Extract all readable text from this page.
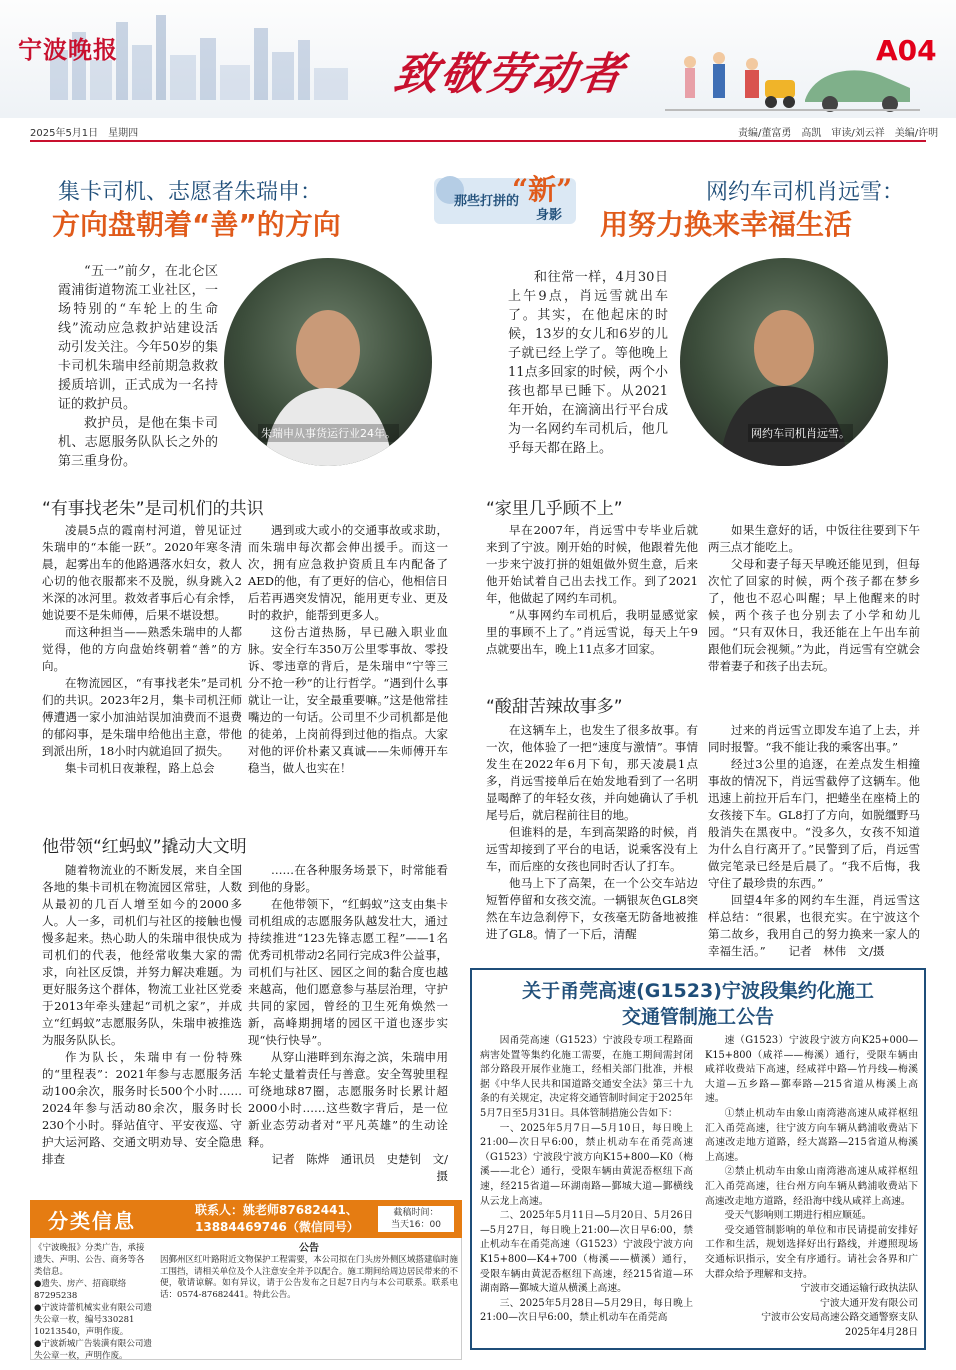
宁波晚报	致敬劳动者	A04
2025年5月1日　星期四	责编/董富勇　高凯　审读/刘云祥　美编/许明
集卡司机、志愿者朱瑞申：
方向盘朝着“善”的方向
网约车司机肖远雪：
用努力换来幸福生活
那些打拼的
“新”
身影

“五一”前夕，在北仑区霞浦街道物流工业社区，一场特别的“车轮上的生命线”流动应急救护站建设活动引发关注。今年50岁的集卡司机朱瑞申经前期急救救援质培训，正式成为一名持证的救护员。

救护员，是他在集卡司机、志愿服务队队长之外的第三重身份。

朱瑞申从事货运行业24年。	网约车司机肖远雪。

和往常一样，4月30日上午9点，肖远雪就出车了。其实，在他起床的时候，13岁的女儿和6岁的儿子就已经上学了。等他晚上11点多回家的时候，两个小孩也都早已睡下。从2021年开始，在滴滴出行平台成为一名网约车司机后，他几乎每天都在路上。

“有事找老朱”是司机们的共识

凌晨5点的霞南村河道，曾见证过朱瑞申的“本能一跃”。2020年寒冬清晨，起雾出车的他路遇落水妇女，救人心切的他衣服都来不及脱，纵身跳入2米深的冰河里。救效者事后心有余悸，她说要不是朱师傅，后果不堪设想。

而这种担当——熟悉朱瑞申的人都觉得，他的方向盘始终朝着“善”的方向。

在物流园区，“有事找老朱”是司机们的共识。2023年2月，集卡司机汪师傅遭遇一家小加油站误加油费而不退费的郁闷事，是朱瑞申给他出主意，带他到派出所，18小时内就追回了损失。

集卡司机日夜兼程，路上总会

遇到或大或小的交通事故或求助，而朱瑞申每次都会伸出援手。而这一次，拥有应急救护资质且车内配备了AED的他，有了更好的信心，他相信日后若再遇突发情况，能用更专业、更及时的救护，能帮到更多人。

这份古道热肠，早已融入职业血脉。安全行车350万公里零事故、零投诉、零违章的背后，是朱瑞申“宁等三分不抢一秒”的让行哲学。“遇到什么事就让一让，安全最重要嘛。”这是他常挂嘴边的一句话。公司里不少司机都是他的徒弟，上岗前得到过他的指点。大家对他的评价朴素又真诚——朱师傅开车稳当，做人也实在！

他带领“红蚂蚁”撬动大文明

随着物流业的不断发展，来自全国各地的集卡司机在物流园区常驻，人数从最初的几百人增至如今的2000多人。人一多，司机们与社区的接触也慢慢多起来。热心助人的朱瑞申很快成为司机们的代表，他经常收集大家的需求，向社区反馈，并努力解决难题。为更好服务这个群体，物流工业社区党委于2013年牵头建起“司机之家”，并成立“红蚂蚁”志愿服务队，朱瑞申被推选为服务队队长。

作为队长，朱瑞申有一份特殊的“里程表”：2021年参与志愿服务活动100余次，服务时长500个小时……2024年参与活动80余次，服务时长230个小时。驿站值守、平安夜巡、守护大运河路、交通文明劝导、安全隐患排查

……在各种服务场景下，时常能看到他的身影。

在他带领下，“红蚂蚁”这支由集卡司机组成的志愿服务队越发壮大，通过持续推进“123先锋志愿工程”——1名优秀司机带动2名同行完成3件公益事，司机们与社区、园区之间的黏合度也越来越高，他们愿意参与基层治理，守护共同的家园，曾经的卫生死角焕然一新，高峰期拥堵的园区干道也逐步实现“快行快导”。

从穿山港畔到东海之滨，朱瑞申用车轮丈量着责任与善意。安全驾驶里程可绕地球87圈，志愿服务时长累计超2000小时……这些数字背后，是一位新业态劳动者对“平凡英雄”的生动诠释。

记者　陈烨　通讯员　史楚钊　文/摄

“家里几乎顾不上”

早在2007年，肖远雪中专毕业后就来到了宁波。刚开始的时候，他跟着先他一步来宁波打拼的姐姐做外贸生意，后来他开始试着自己出去找工作。到了2021年，他做起了网约车司机。

“从事网约车司机后，我明显感觉家里的事顾不上了。”肖远雪说，每天上午9点就要出车，晚上11点多才回家。

如果生意好的话，中饭往往要到下午两三点才能吃上。

父母和妻子每天早晚还能见到，但每次忙了回家的时候，两个孩子都在梦乡了，他也不忍心叫醒；早上他醒来的时候，两个孩子也分别去了小学和幼儿园。“只有双休日，我还能在上午出车前跟他们玩会视频。”为此，肖远雪有空就会带着妻子和孩子出去玩。

“酸甜苦辣故事多”

在这辆车上，也发生了很多故事。有一次，他体验了一把“速度与激情”。事情发生在2022年6月下旬，那天凌晨1点多，肖远雪接单后在始发地看到了一名明显喝醉了的年轻女孩，并向她确认了手机尾号后，就启程前往目的地。

但谁料的是，车到高架路的时候，肖远雪却接到了平台的电话，说乘客没有上车，而后座的女孩也同时否认了打车。

他马上下了高架，在一个公交车站边短暂停留和女孩交流。一辆银灰色GL8突然在车边急刹停下，女孩毫无防备地被推进了GL8。情了一下后，清醒

过来的肖远雪立即发车追了上去，并同时报警。“我不能让我的乘客出事。”

经过3公里的追逐，在差点发生相撞事故的情况下，肖远雪截停了这辆车。他迅速上前拉开后车门，把蜷坐在座椅上的女孩接下车。GL8打了方向，如脱缰野马般消失在黑夜中。“没多久，女孩不知道为什么自行离开了。”民警到了后，肖远雪做完笔录已经是后晨了。“我不后悔，我守住了最珍贵的东西。”

回望4年多的网约车生涯，肖远雪这样总结：“很累，也很充实。在宁波这个第二故乡，我用自己的努力换来一家人的幸福生活。”　　记者　林伟　文/摄

关于甬莞高速(G1523)宁波段集约化施工
交通管制施工公告

因甬莞高速（G1523）宁波段专项工程路面病害处置等集约化施工需要，在施工期间需封闭部分路段开展作业施工，经相关部门批准，并根据《中华人民共和国道路交通安全法》第三十九条的有关规定，决定将交通管制时间定于2025年5月7日至5月31日。具体管制措施公告如下：

一、2025年5月7日—5月10日，每日晚上21:00—次日早6:00，禁止机动车在甬莞高速（G1523）宁波段宁波方向K15+800—K0（梅溪——北仑）通行，受限车辆由黄泥岙枢纽下高速，经215省道—环湖南路—鄞城大道—鄞横线从云龙上高速。

二、2025年5月11日—5月20日、5月26日—5月27日，每日晚上21:00—次日早6:00，禁止机动车在甬莞高速（G1523）宁波段宁波方向K15+800—K4+700（梅溪——横溪）通行，受限车辆由黄泥岙枢纽下高速，经215省道—环湖南路—鄞城大道从横溪上高速。

三、2025年5月28日—5月29日，每日晚上21:00—次日早6:00，禁止机动车在甬莞高

速（G1523）宁波段宁波方向K25+000—K15+800（咸祥——梅溪）通行，受限车辆由咸祥收费站下高速，经咸祥中路—竹丹线—梅溪大道—五乡路—鄞奉路—215省道从梅溪上高速。

①禁止机动车由象山南湾港高速从咸祥枢纽汇入甬莞高速，往宁波方向车辆从鹤浦收费站下高速改走地方道路，经大嵩路—215省道从梅溪上高速。

②禁止机动车由象山南湾港高速从咸祥枢纽汇入甬莞高速，往台州方向车辆从鹤浦收费站下高速改走地方道路，经沿海中线从咸祥上高速。

受天气影响则工期进行相应顺延。

受交通管制影响的单位和市民请提前安排好工作和生活，规划选择好出行路线，并遵照现场交通标识指示，安全有序通行。请社会各界和广大群众给予理解和支持。

宁波市交通运输行政执法队

宁波大通开发有限公司

宁波市公安局高速公路交通警察支队

2025年4月28日

分类信息	联系人：姚老师87682441、
13884469746（微信同号）
截稿时间：
当天16：00
《宁波晚报》分类广告，承接遗失、声明、公告、商务等各类信息。
●遗失、房产、招商联络87295238
●宁波诗蕾机械实业有限公司遗失公章一枚，编号330281
10213540，声明作废。
●宁波新城广告装潢有限公司遗失公章一枚，声明作废。
公告
因鄞州区红叶路附近文物保护工程需要，本公司拟在门头房外侧区域搭建临时施工围挡，请相关单位及个人注意安全并予以配合。施工期间给周边居民带来的不便，敬请谅解。如有异议，请于公告发布之日起7日内与本公司联系。联系电话：0574-87682441。特此公告。
